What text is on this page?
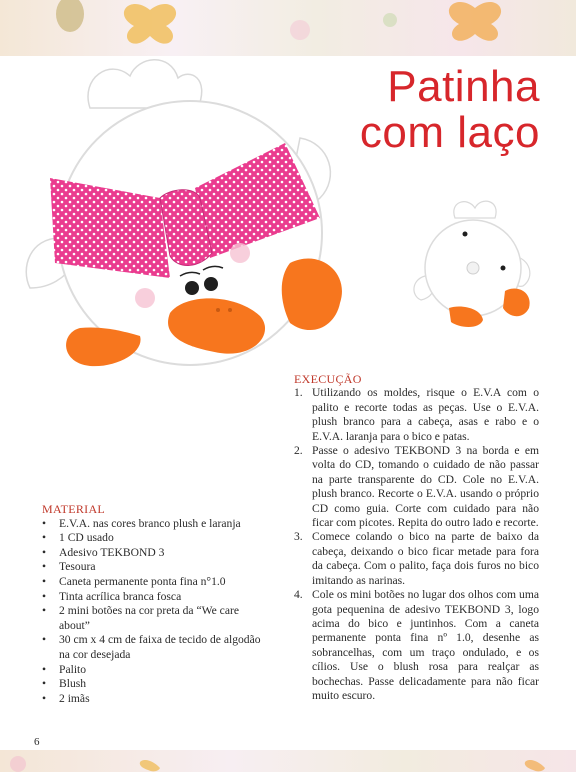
Patinha
com laço
EXECUÇÃO
1. Utilizando os moldes, risque o E.V.A com o palito e recorte todas as peças. Use o E.V.A. plush branco para a cabeça, asas e rabo e o E.V.A. laranja para o bico e patas.
2. Passe o adesivo TEKBOND 3 na borda e em volta do CD, tomando o cuidado de não passar na parte transparente do CD. Cole no E.V.A. plush branco. Recorte o E.V.A. usando o próprio CD como guia. Corte com cuidado para não ficar com picotes. Repita do outro lado e recorte.
3. Comece colando o bico na parte de baixo da cabeça, deixando o bico ficar metade para fora da cabeça. Com o palito, faça dois furos no bico imitando as narinas.
4. Cole os mini botões no lugar dos olhos com uma gota pequenina de adesivo TEKBOND 3, logo acima do bico e juntinhos. Com a caneta permanente ponta fina nº 1.0, desenhe as sobrancelhas, com um traço ondulado, e os cílios. Use o blush rosa para realçar as bochechas. Passe delicadamente para não ficar muito escuro.
MATERIAL
• E.V.A. nas cores branco plush e laranja
• 1 CD usado
• Adesivo TEKBOND 3
• Tesoura
• Caneta permanente ponta fina n°1.0
• Tinta acrílica branca fosca
• 2 mini botões na cor preta da “We care about”
• 30 cm x 4 cm de faixa de tecido de algodão na cor desejada
• Palito
• Blush
• 2 imãs
6
